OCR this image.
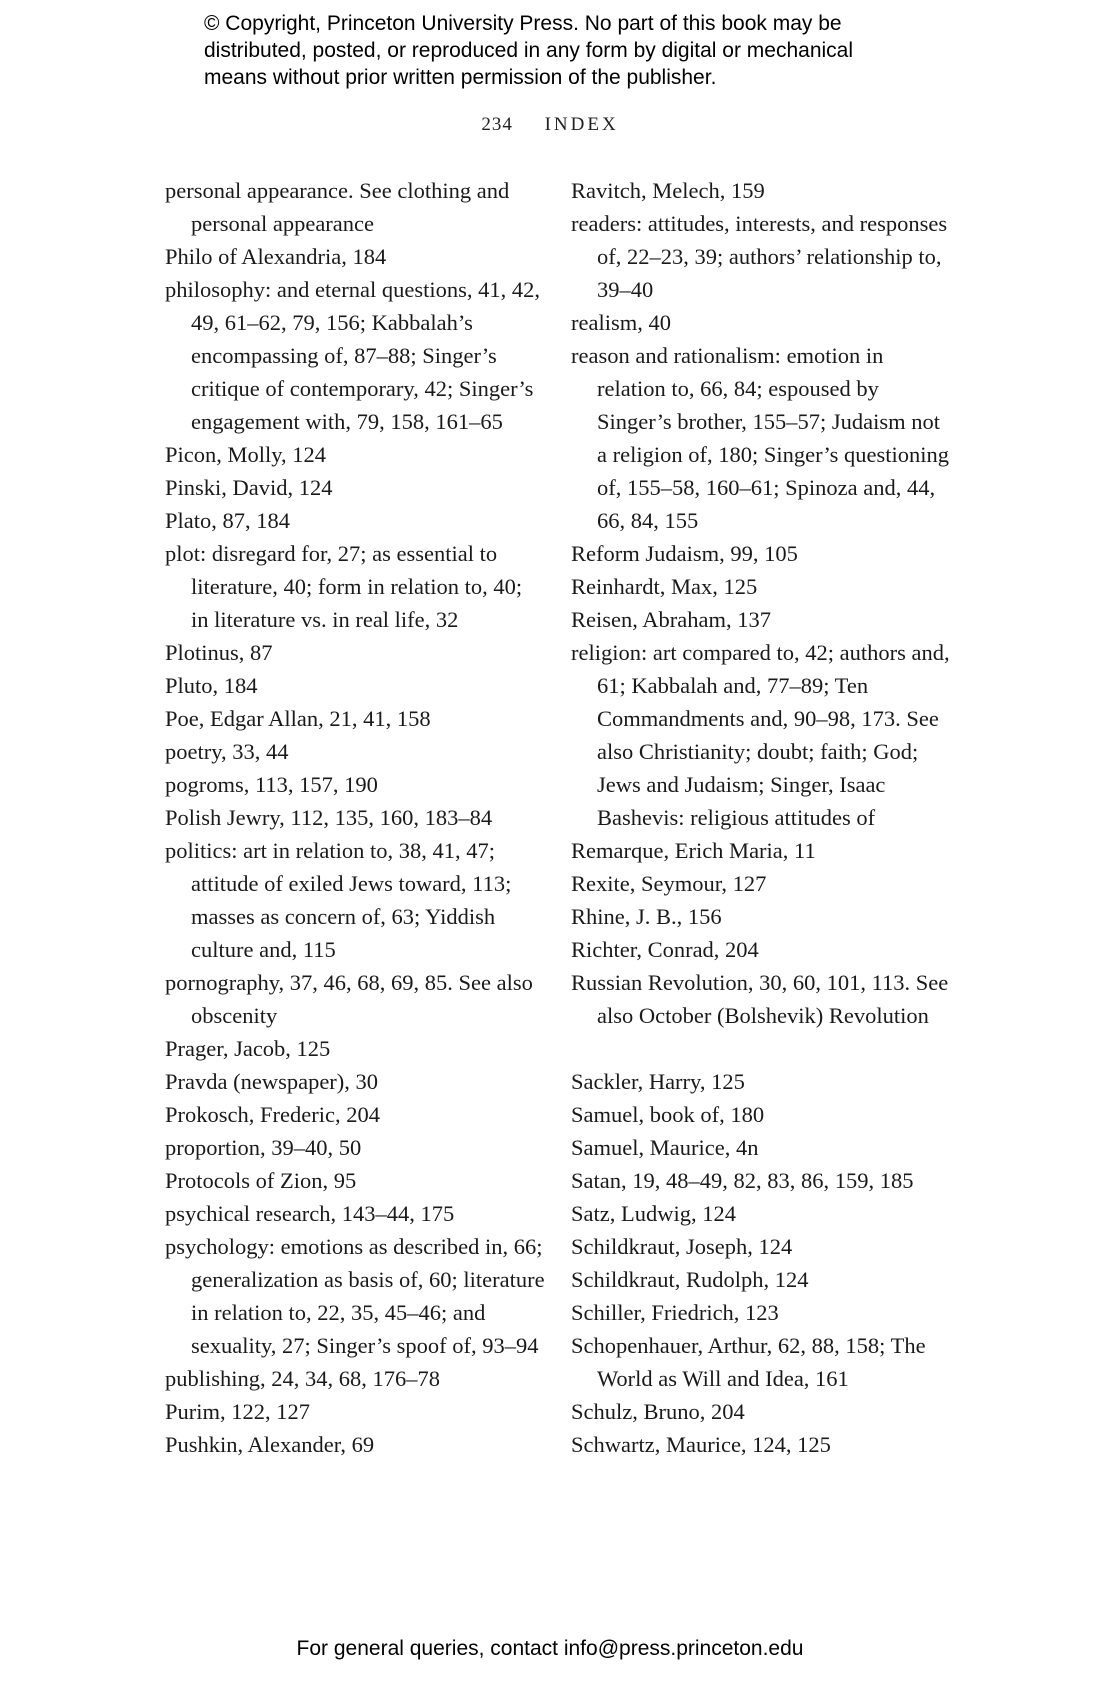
© Copyright, Princeton University Press. No part of this book may be
distributed, posted, or reproduced in any form by digital or mechanical
means without prior written permission of the publisher.
234 INDEX
personal appearance. See clothing and personal appearance
Philo of Alexandria, 184
philosophy: and eternal questions, 41, 42, 49, 61–62, 79, 156; Kabbalah’s encompassing of, 87–88; Singer’s critique of contemporary, 42; Singer’s engagement with, 79, 158, 161–65
Picon, Molly, 124
Pinski, David, 124
Plato, 87, 184
plot: disregard for, 27; as essential to literature, 40; form in relation to, 40; in literature vs. in real life, 32
Plotinus, 87
Pluto, 184
Poe, Edgar Allan, 21, 41, 158
poetry, 33, 44
pogroms, 113, 157, 190
Polish Jewry, 112, 135, 160, 183–84
politics: art in relation to, 38, 41, 47; attitude of exiled Jews toward, 113; masses as concern of, 63; Yiddish culture and, 115
pornography, 37, 46, 68, 69, 85. See also obscenity
Prager, Jacob, 125
Pravda (newspaper), 30
Prokosch, Frederic, 204
proportion, 39–40, 50
Protocols of Zion, 95
psychical research, 143–44, 175
psychology: emotions as described in, 66; generalization as basis of, 60; literature in relation to, 22, 35, 45–46; and sexuality, 27; Singer’s spoof of, 93–94
publishing, 24, 34, 68, 176–78
Purim, 122, 127
Pushkin, Alexander, 69
Ravitch, Melech, 159
readers: attitudes, interests, and responses of, 22–23, 39; authors’ relationship to, 39–40
realism, 40
reason and rationalism: emotion in relation to, 66, 84; espoused by Singer’s brother, 155–57; Judaism not a religion of, 180; Singer’s questioning of, 155–58, 160–61; Spinoza and, 44, 66, 84, 155
Reform Judaism, 99, 105
Reinhardt, Max, 125
Reisen, Abraham, 137
religion: art compared to, 42; authors and, 61; Kabbalah and, 77–89; Ten Commandments and, 90–98, 173. See also Christianity; doubt; faith; God; Jews and Judaism; Singer, Isaac Bashevis: religious attitudes of
Remarque, Erich Maria, 11
Rexite, Seymour, 127
Rhine, J. B., 156
Richter, Conrad, 204
Russian Revolution, 30, 60, 101, 113. See also October (Bolshevik) Revolution
Sackler, Harry, 125
Samuel, book of, 180
Samuel, Maurice, 4n
Satan, 19, 48–49, 82, 83, 86, 159, 185
Satz, Ludwig, 124
Schildkraut, Joseph, 124
Schildkraut, Rudolph, 124
Schiller, Friedrich, 123
Schopenhauer, Arthur, 62, 88, 158; The World as Will and Idea, 161
Schulz, Bruno, 204
Schwartz, Maurice, 124, 125
For general queries, contact info@press.princeton.edu
